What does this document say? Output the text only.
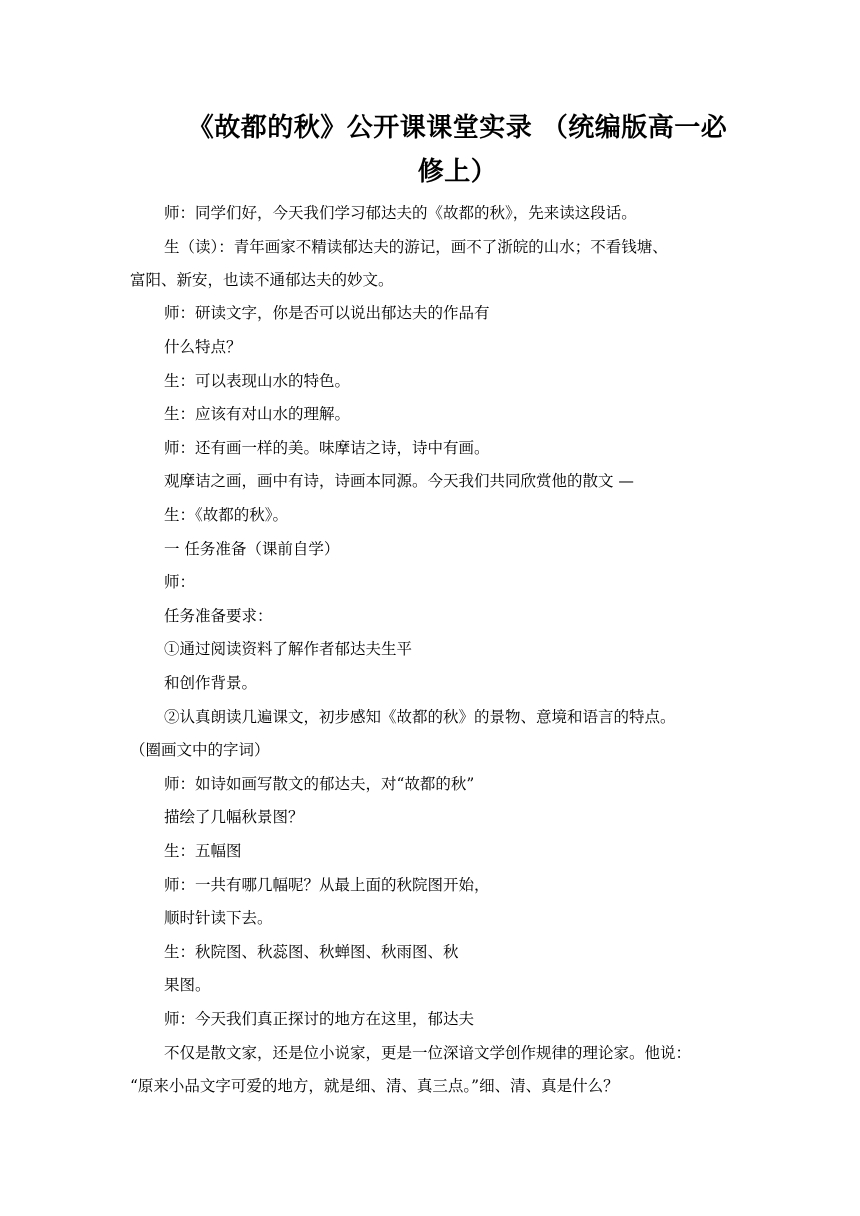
《故都的秋》公开课课堂实录 （统编版高一必
修上）
师：同学们好，今天我们学习郁达夫的《故都的秋》，先来读这段话。
生（读）：青年画家不精读郁达夫的游记，画不了浙皖的山水；不看钱塘、
富阳、新安，也读不通郁达夫的妙文。
师：研读文字，你是否可以说出郁达夫的作品有
什么特点？
生：可以表现山水的特色。
生：应该有对山水的理解。
师：还有画一样的美。味摩诘之诗，诗中有画。
观摩诘之画，画中有诗，诗画本同源。今天我们共同欣赏他的散文 —
生：《故都的秋》。
一 任务准备（课前自学）
师：
任务准备要求：
①通过阅读资料了解作者郁达夫生平
和创作背景。
②认真朗读几遍课文，初步感知《故都的秋》的景物、意境和语言的特点。
（圈画文中的字词）
师：如诗如画写散文的郁达夫，对“故都的秋”
描绘了几幅秋景图？
生：五幅图
师：一共有哪几幅呢？从最上面的秋院图开始，
顺时针读下去。
生：秋院图、秋蕊图、秋蝉图、秋雨图、秋
果图。
师：今天我们真正探讨的地方在这里，郁达夫
不仅是散文家，还是位小说家，更是一位深谙文学创作规律的理论家。他说：
“原来小品文字可爱的地方，就是细、清、真三点。”细、清、真是什么？
